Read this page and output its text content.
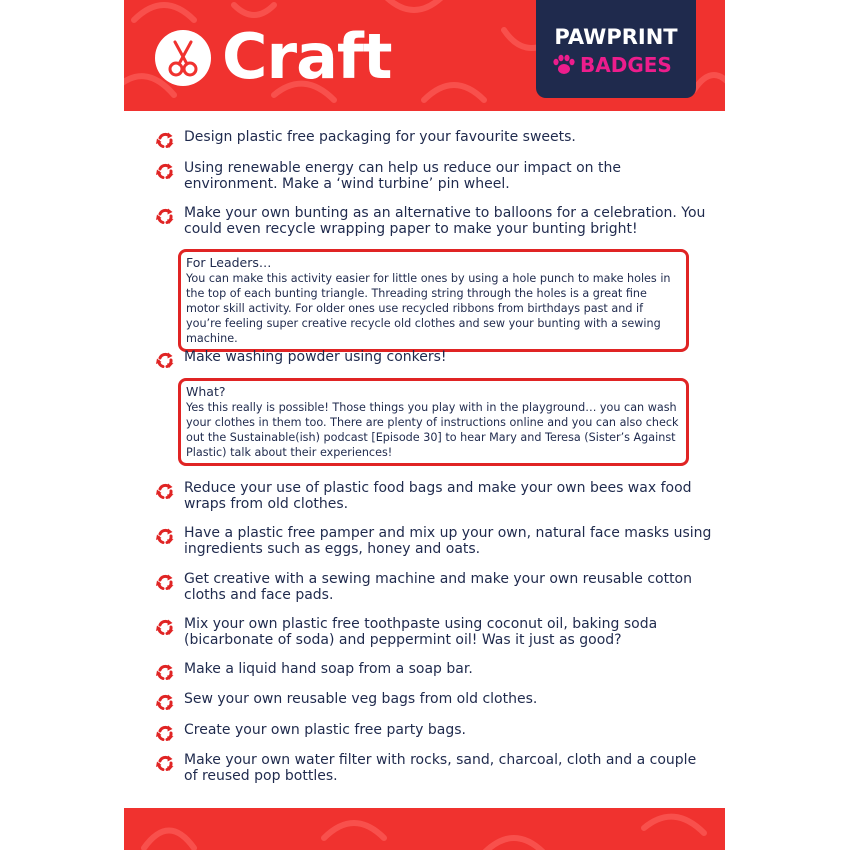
Craft	PAWPRINT
BADGES
Design plastic free packaging for your favourite sweets.
Using renewable energy can help us reduce our impact on the environment. Make a ‘wind turbine’ pin wheel.
Make your own bunting as an alternative to balloons for a celebration. You could even recycle wrapping paper to make your bunting bright!

For Leaders…

You can make this activity easier for little ones by using a hole punch to make holes in the top of each bunting triangle. Threading string through the holes is a great fine motor skill activity. For older ones use recycled ribbons from birthdays past and if you’re feeling super creative recycle old clothes and sew your bunting with a sewing machine.

Make washing powder using conkers!

What?

Yes this really is possible! Those things you play with in the playground… you can wash your clothes in them too. There are plenty of instructions online and you can also check out the Sustainable(ish) podcast [Episode 30] to hear Mary and Teresa (Sister’s Against Plastic) talk about their experiences!

Reduce your use of plastic food bags and make your own bees wax food wraps from old clothes.
Have a plastic free pamper and mix up your own, natural face masks using ingredients such as eggs, honey and oats.
Get creative with a sewing machine and make your own reusable cotton cloths and face pads.
Mix your own plastic free toothpaste using coconut oil, baking soda (bicarbonate of soda) and peppermint oil! Was it just as good?
Make a liquid hand soap from a soap bar.
Sew your own reusable veg bags from old clothes.
Create your own plastic free party bags.
Make your own water filter with rocks, sand, charcoal, cloth and a couple of reused pop bottles.
